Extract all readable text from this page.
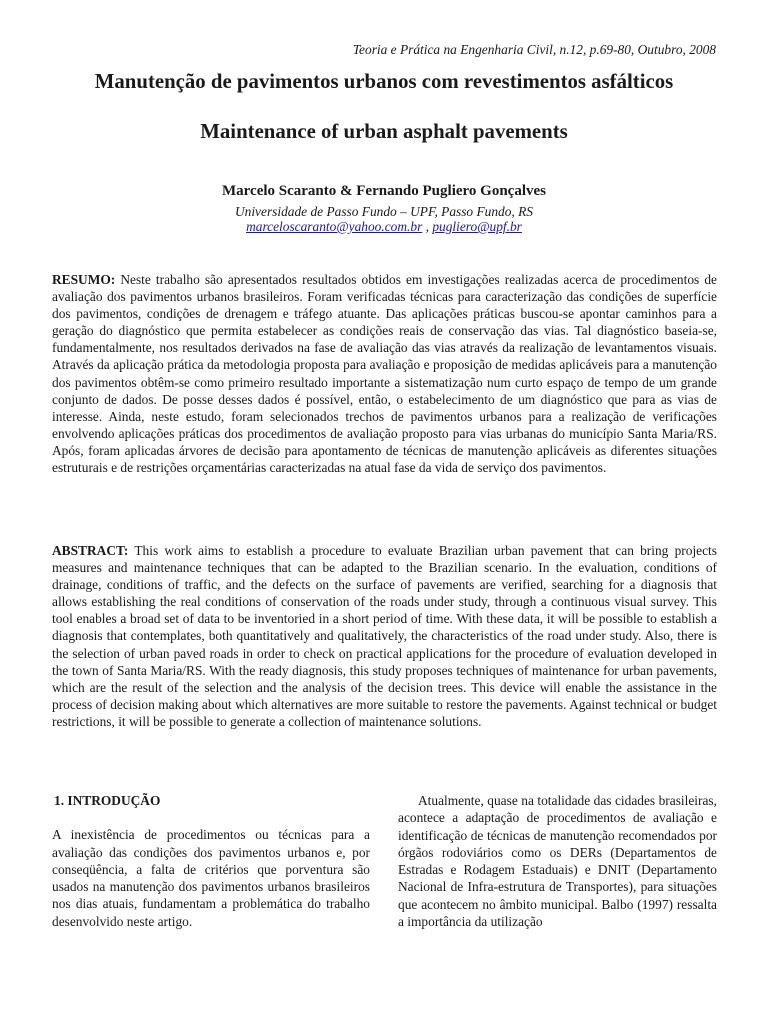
Teoria e Prática na Engenharia Civil, n.12, p.69-80, Outubro, 2008
Manutenção de pavimentos urbanos com revestimentos asfálticos
Maintenance of urban asphalt pavements
Marcelo Scaranto & Fernando Pugliero Gonçalves
Universidade de Passo Fundo – UPF, Passo Fundo, RS
marceloscaranto@yahoo.com.br , pugliero@upf.br

RESUMO: Neste trabalho são apresentados resultados obtidos em investigações realizadas acerca de procedimentos de avaliação dos pavimentos urbanos brasileiros. Foram verificadas técnicas para caracterização das condições de superfície dos pavimentos, condições de drenagem e tráfego atuante. Das aplicações práticas buscou-se apontar caminhos para a geração do diagnóstico que permita estabelecer as condições reais de conservação das vias. Tal diagnóstico baseia-se, fundamentalmente, nos resultados derivados na fase de avaliação das vias através da realização de levantamentos visuais. Através da aplicação prática da metodologia proposta para avaliação e proposição de medidas aplicáveis para a manutenção dos pavimentos obtêm-se como primeiro resultado importante a sistematização num curto espaço de tempo de um grande conjunto de dados. De posse desses dados é possível, então, o estabelecimento de um diagnóstico que para as vias de interesse. Ainda, neste estudo, foram selecionados trechos de pavimentos urbanos para a realização de verificações envolvendo aplicações práticas dos procedimentos de avaliação proposto para vias urbanas do município Santa Maria/RS. Após, foram aplicadas árvores de decisão para apontamento de técnicas de manutenção aplicáveis as diferentes situações estruturais e de restrições orçamentárias caracterizadas na atual fase da vida de serviço dos pavimentos.

ABSTRACT: This work aims to establish a procedure to evaluate Brazilian urban pavement that can bring projects measures and maintenance techniques that can be adapted to the Brazilian scenario. In the evaluation, conditions of drainage, conditions of traffic, and the defects on the surface of pavements are verified, searching for a diagnosis that allows establishing the real conditions of conservation of the roads under study, through a continuous visual survey. This tool enables a broad set of data to be inventoried in a short period of time. With these data, it will be possible to establish a diagnosis that contemplates, both quantitatively and qualitatively, the characteristics of the road under study. Also, there is the selection of urban paved roads in order to check on practical applications for the procedure of evaluation developed in the town of Santa Maria/RS. With the ready diagnosis, this study proposes techniques of maintenance for urban pavements, which are the result of the selection and the analysis of the decision trees. This device will enable the assistance in the process of decision making about which alternatives are more suitable to restore the pavements. Against technical or budget restrictions, it will be possible to generate a collection of maintenance solutions.

1. INTRODUÇÃO

A inexistência de procedimentos ou técnicas para a avaliação das condições dos pavimentos urbanos e, por conseqüência, a falta de critérios que porventura são usados na manutenção dos pavimentos urbanos brasileiros nos dias atuais, fundamentam a problemática do trabalho desenvolvido neste artigo.

Atualmente, quase na totalidade das cidades brasileiras, acontece a adaptação de procedimentos de avaliação e identificação de técnicas de manutenção recomendados por órgãos rodoviários como os DERs (Departamentos de Estradas e Rodagem Estaduais) e DNIT (Departamento Nacional de Infra-estrutura de Transportes), para situações que acontecem no âmbito municipal. Balbo (1997) ressalta a importância da utilização
